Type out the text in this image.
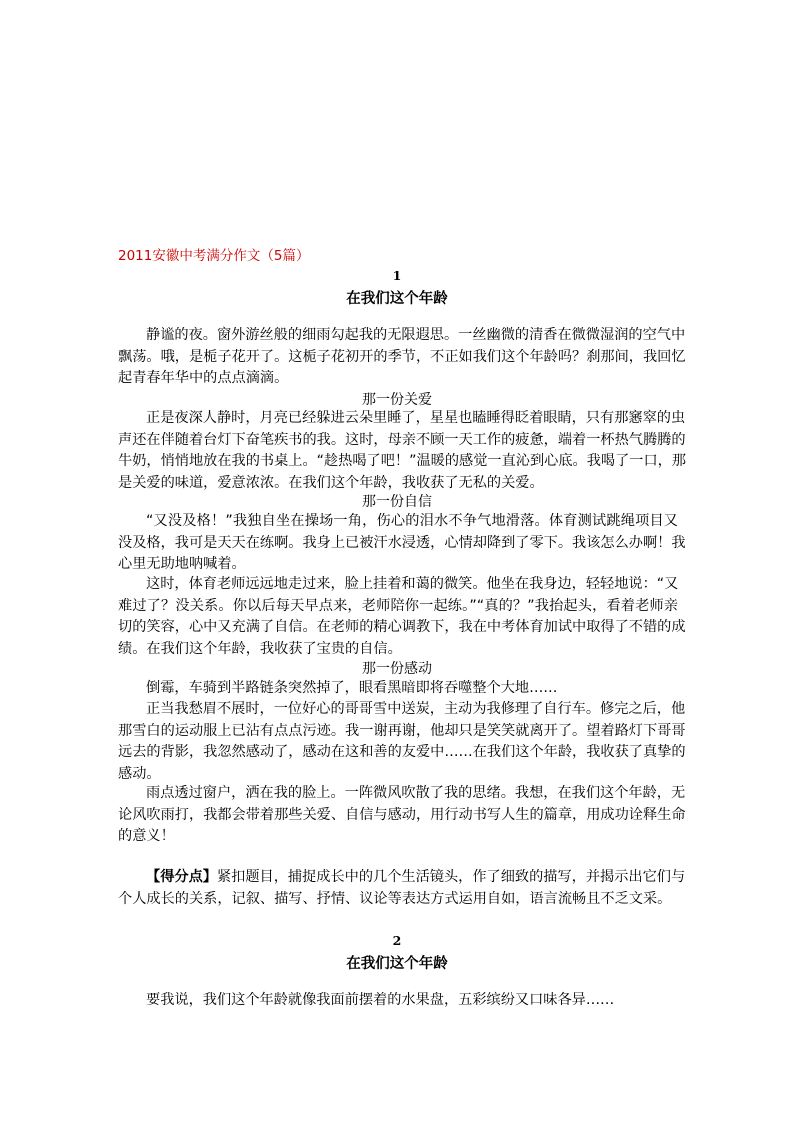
2011安徽中考满分作文（5篇）
1
在我们这个年龄

静谧的夜。窗外游丝般的细雨勾起我的无限遐思。一丝幽微的清香在微微湿润的空气中

飘荡。哦，是栀子花开了。这栀子花初开的季节，不正如我们这个年龄吗？刹那间，我回忆

起青春年华中的点点滴滴。

那一份关爱

正是夜深人静时，月亮已经躲进云朵里睡了，星星也瞌睡得眨着眼睛，只有那窸窣的虫

声还在伴随着台灯下奋笔疾书的我。这时，母亲不顾一天工作的疲惫，端着一杯热气腾腾的

牛奶，悄悄地放在我的书桌上。“趁热喝了吧！”温暖的感觉一直沁到心底。我喝了一口，那

是关爱的味道，爱意浓浓。在我们这个年龄，我收获了无私的关爱。

那一份自信

“又没及格！”我独自坐在操场一角，伤心的泪水不争气地滑落。体育测试跳绳项目又

没及格，我可是天天在练啊。我身上已被汗水浸透，心情却降到了零下。我该怎么办啊！我

心里无助地呐喊着。

这时，体育老师远远地走过来，脸上挂着和蔼的微笑。他坐在我身边，轻轻地说：“又

难过了？没关系。你以后每天早点来，老师陪你一起练。”“真的？”我抬起头，看着老师亲

切的笑容，心中又充满了自信。在老师的精心调教下，我在中考体育加试中取得了不错的成

绩。在我们这个年龄，我收获了宝贵的自信。

那一份感动

倒霉，车骑到半路链条突然掉了，眼看黑暗即将吞噬整个大地……

正当我愁眉不展时，一位好心的哥哥雪中送炭，主动为我修理了自行车。修完之后，他

那雪白的运动服上已沾有点点污迹。我一谢再谢，他却只是笑笑就离开了。望着路灯下哥哥

远去的背影，我忽然感动了，感动在这和善的友爱中……在我们这个年龄，我收获了真挚的

感动。

雨点透过窗户，洒在我的脸上。一阵微风吹散了我的思绪。我想，在我们这个年龄，无

论风吹雨打，我都会带着那些关爱、自信与感动，用行动书写人生的篇章，用成功诠释生命

的意义！

【得分点】紧扣题目，捕捉成长中的几个生活镜头，作了细致的描写，并揭示出它们与

个人成长的关系，记叙、描写、抒情、议论等表达方式运用自如，语言流畅且不乏文采。

2
在我们这个年龄

要我说，我们这个年龄就像我面前摆着的水果盘，五彩缤纷又口味各异……
